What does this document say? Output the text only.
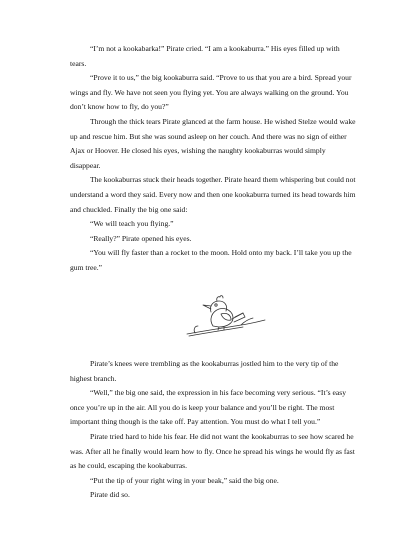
“I’m not a kookabarka!” Pirate cried. “I am a kookaburra.” His eyes filled up with tears.

“Prove it to us,” the big kookaburra said. “Prove to us that you are a bird. Spread your wings and fly. We have not seen you flying yet. You are always walking on the ground. You don’t know how to fly, do you?”

Through the thick tears Pirate glanced at the farm house. He wished Stelze would wake up and rescue him. But she was sound asleep on her couch. And there was no sign of either Ajax or Hoover. He closed his eyes, wishing the naughty kookaburras would simply disappear.

The kookaburras stuck their heads together. Pirate heard them whispering but could not understand a word they said. Every now and then one kookaburra turned its head towards him and chuckled. Finally the big one said:

“We will teach you flying.”

“Really?” Pirate opened his eyes.

“You will fly faster than a rocket to the moon. Hold onto my back. I’ll take you up the gum tree.”

Pirate’s knees were trembling as the kookaburras jostled him to the very tip of the highest branch.

“Well,” the big one said, the expression in his face becoming very serious. “It’s easy once you’re up in the air. All you do is keep your balance and you’ll be right. The most important thing though is the take off. Pay attention. You must do what I tell you.”

Pirate tried hard to hide his fear. He did not want the kookaburras to see how scared he was. After all he finally would learn how to fly. Once he spread his wings he would fly as fast as he could, escaping the kookaburras.

“Put the tip of your right wing in your beak,” said the big one.

Pirate did so.
